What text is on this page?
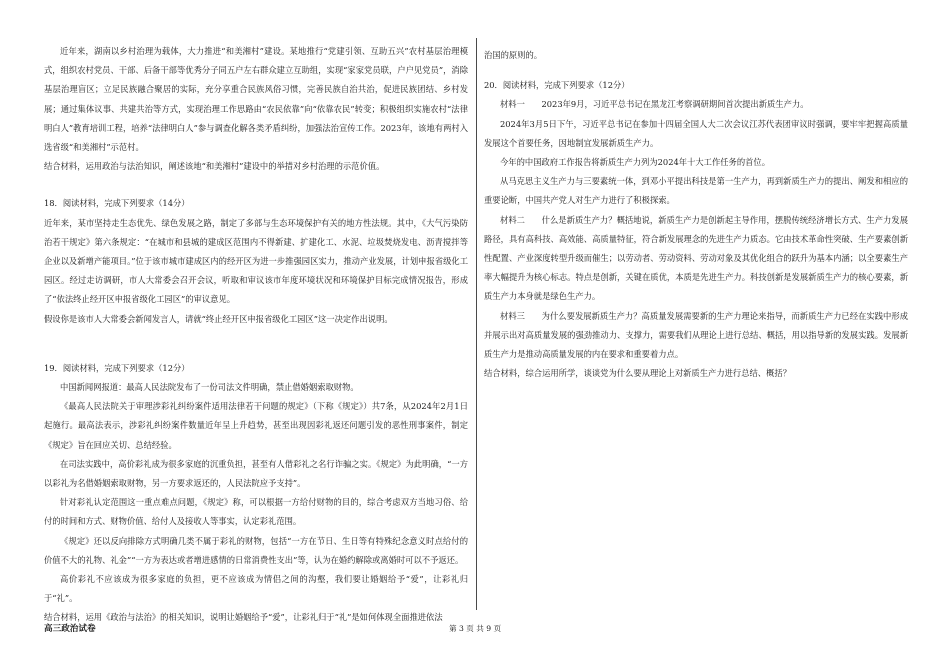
近年来，湖南以乡村治理为载体，大力推进“和美湘村”建设。某地推行“党建引领、互助五兴”农村基层治理模式，组织农村党员、干部、后备干部等优秀分子同五户左右群众建立互助组，实现“家家党员联，户户见党员”，消除基层治理盲区；立足民族融合聚居的实际，充分享重合民族风俗习惯，完善民族自治共治，促进民族团结、乡村发展；通过集体议事、共建共治等方式，实现治理工作思路由“农民依靠”向“依靠农民”转变；积极组织实施农村“法律明白人”教育培训工程，培养“法律明白人”参与调查化解各类矛盾纠纷，加强法治宣传工作。2023年，该地有两村入选省级“和美湘村”示范村。

结合材料，运用政治与法治知识，阐述该地“和美湘村”建设中的举措对乡村治理的示范价值。

18．阅读材料，完成下列要求（14分）

近年来，某市坚持走生态优先、绿色发展之路，制定了多部与生态环境保护有关的地方性法规。其中，《大气污染防治若干规定》第六条规定：“在城市和县城的建成区范围内不得新建、扩建化工、水泥、垃圾焚烧发电、沥青搅拌等企业以及新增产能项目。”位于该市城市建成区内的经开区为进一步推强园区实力，推动产业发展，计划申报省级化工园区。经过走访调研，市人大常委会召开会议，听取和审议该市年度环境状况和环境保护目标完成情况报告，形成了“依法终止经开区申报省级化工园区”的审议意见。

假设你是该市人大常委会新闻发言人，请就“终止经开区申报省级化工园区”这一决定作出说明。

19．阅读材料，完成下列要求（12分）

中国新闻网报道：最高人民法院发布了一份司法文件明确，禁止借婚姻索取财物。

《最高人民法院关于审理涉彩礼纠纷案件适用法律若干问题的规定》（下称《规定》）共7条，从2024年2月1日起施行。最高法表示，涉彩礼纠纷案件数量近年呈上升趋势，甚至出现因彩礼返还问题引发的恶性刑事案件，制定《规定》旨在回应关切、总结经验。

在司法实践中，高价彩礼成为很多家庭的沉重负担，甚至有人借彩礼之名行诈骗之实。《规定》为此明确，“一方以彩礼为名借婚姻索取财物，另一方要求返还的，人民法院应予支持”。

针对彩礼认定范围这一重点难点问题，《规定》称，可以根据一方给付财物的目的，综合考虑双方当地习俗、给付的时间和方式、财物价值、给付人及接收人等事实，认定彩礼范围。

《规定》还以反向排除方式明确几类不属于彩礼的财物，包括“一方在节日、生日等有特殊纪念意义时点给付的价值不大的礼物、礼金”“一方为表达或者增进感情的日常消费性支出”等，认为在婚约解除或离婚时可以不予返还。

高价彩礼不应该成为很多家庭的负担，更不应该成为情侣之间的沟壑，我们要让婚姻给予“爱”，让彩礼归于“礼”。

结合材料，运用《政治与法治》的相关知识，说明让婚姻给予“爱”，让彩礼归于“礼”是如何体现全面推进依法

治国的原则的。

20．阅读材料，完成下列要求（12分）

材料一　　2023年9月，习近平总书记在黑龙江考察调研期间首次提出新质生产力。

2024年3月5日下午，习近平总书记在参加十四届全国人大二次会议江苏代表团审议时强调，要牢牢把握高质量发展这个首要任务，因地制宜发展新质生产力。

今年的中国政府工作报告将新质生产力列为2024年十大工作任务的首位。

从马克思主义生产力与三要素统一体，到邓小平提出科技是第一生产力，再到新质生产力的提出、阐发和相应的重要论断，中国共产党人对生产力进行了积极探索。

材料二　　什么是新质生产力？概括地说，新质生产力是创新起主导作用，摆脱传统经济增长方式、生产力发展路径，具有高科技、高效能、高质量特征，符合新发展理念的先进生产力质态。它由技术革命性突破、生产要素创新性配置、产业深度转型升级而催生；以劳动者、劳动资料、劳动对象及其优化组合的跃升为基本内涵；以全要素生产率大幅提升为核心标志。特点是创新，关键在质优，本质是先进生产力。科技创新是发展新质生产力的核心要素，新质生产力本身就是绿色生产力。

材料三　　为什么要发展新质生产力？高质量发展需要新的生产力理论来指导，而新质生产力已经在实践中形成并展示出对高质量发展的强劲推动力、支撑力，需要我们从理论上进行总结、概括，用以指导新的发展实践。发展新质生产力是推动高质量发展的内在要求和重要着力点。

结合材料，综合运用所学，谈谈党为什么要从理论上对新质生产力进行总结、概括？

高三政治试卷	第 3 页 共 9 页
